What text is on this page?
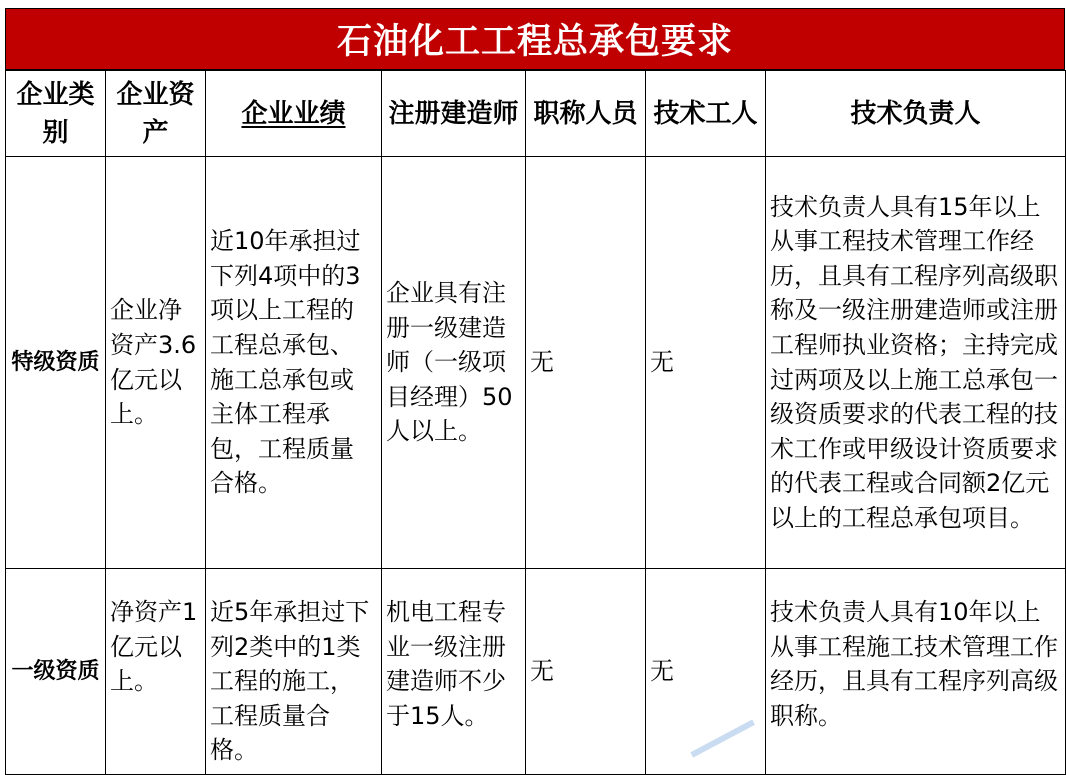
石油化工工程总承包要求
企业类别	企业资产	企业业绩	注册建造师	职称人员	技术工人	技术负责人
特级资质	企业净资产3.6亿元以上。	近10年承担过下列4项中的3项以上工程的工程总承包、施工总承包或主体工程承包，工程质量合格。	企业具有注册一级建造师（一级项目经理）50人以上。	无	无	技术负责人具有15年以上从事工程技术管理工作经历，且具有工程序列高级职称及一级注册建造师或注册工程师执业资格；主持完成过两项及以上施工总承包一级资质要求的代表工程的技术工作或甲级设计资质要求的代表工程或合同额2亿元以上的工程总承包项目。
一级资质	净资产1亿元以上。	近5年承担过下列2类中的1类工程的施工，工程质量合格。	机电工程专业一级注册建造师不少于15人。	无	无	技术负责人具有10年以上从事工程施工技术管理工作经历，且具有工程序列高级职称。
